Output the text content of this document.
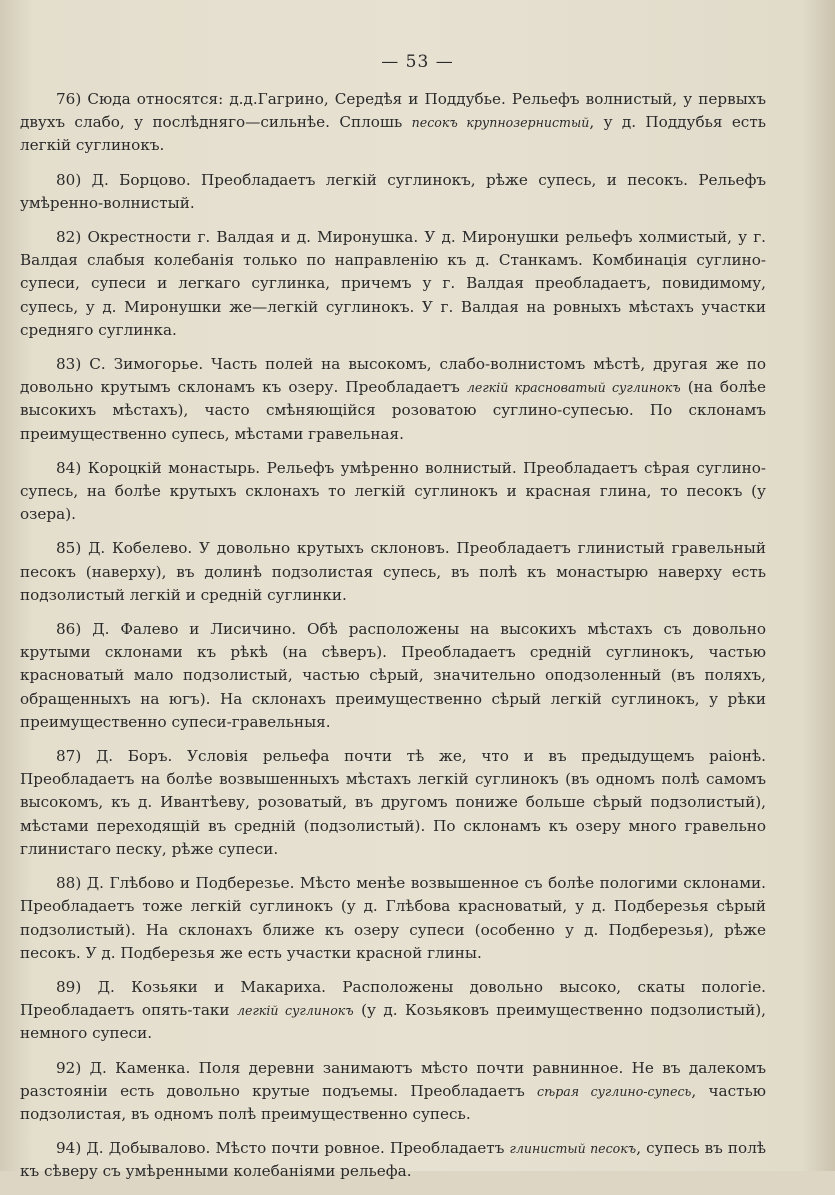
— 53 —

76) Сюда относятся: д.д.Гагрино, Середѣя и Поддубье. Рельефъ волнистый, у первыхъ двухъ слабо, у послѣдняго—сильнѣе. Сплошь песокъ крупнозернистый, у д. Поддубья есть легкій суглинокъ.

80) Д. Борцово. Преобладаетъ легкій суглинокъ, рѣже супесь, и песокъ. Рельефъ умѣренно-волнистый.

82) Окрестности г. Валдая и д. Миронушка. У д. Миронушки рельефъ холмистый, у г. Валдая слабыя колебанія только по направленію къ д. Станкамъ. Комбинація суглино-супеси, супеси и легкаго суглинка, причемъ у г. Валдая преобладаетъ, повидимому, супесь, у д. Миронушки же—легкій суглинокъ. У г. Валдая на ровныхъ мѣстахъ участки средняго суглинка.

83) С. Зимогорье. Часть полей на высокомъ, слабо-волнистомъ мѣстѣ, другая же по довольно крутымъ склонамъ къ озеру. Преобладаетъ легкій красноватый суглинокъ (на болѣе высокихъ мѣстахъ), часто смѣняющійся розоватою суглино-супесью. По склонамъ преимущественно супесь, мѣстами гравельная.

84) Короцкій монастырь. Рельефъ умѣренно волнистый. Преобладаетъ сѣрая суглино-супесь, на болѣе крутыхъ склонахъ то легкій суглинокъ и красная глина, то песокъ (у озера).

85) Д. Кобелево. У довольно крутыхъ склоновъ. Преобладаетъ глинистый гравельный песокъ (наверху), въ долинѣ подзолистая супесь, въ полѣ къ монастырю наверху есть подзолистый легкій и средній суглинки.

86) Д. Фалево и Лисичино. Обѣ расположены на высокихъ мѣстахъ съ довольно крутыми склонами къ рѣкѣ (на сѣверъ). Преобладаетъ средній суглинокъ, частью красноватый мало подзолистый, частью сѣрый, значительно оподзоленный (въ поляхъ, обращенныхъ на югъ). На склонахъ преимущественно сѣрый легкій суглинокъ, у рѣки преимущественно супеси-гравельныя.

87) Д. Боръ. Условія рельефа почти тѣ же, что и въ предыдущемъ раіонѣ. Преобладаетъ на болѣе возвышенныхъ мѣстахъ легкій суглинокъ (въ одномъ полѣ самомъ высокомъ, къ д. Ивантѣеву, розоватый, въ другомъ пониже больше сѣрый подзолистый), мѣстами переходящій въ средній (подзолистый). По склонамъ къ озеру много гравельно глинистаго песку, рѣже супеси.

88) Д. Глѣбово и Подберезье. Мѣсто менѣе возвышенное съ болѣе пологими склонами. Преобладаетъ тоже легкій суглинокъ (у д. Глѣбова красноватый, у д. Подберезья сѣрый подзолистый). На склонахъ ближе къ озеру супеси (особенно у д. Подберезья), рѣже песокъ. У д. Подберезья же есть участки красной глины.

89) Д. Козьяки и Макариха. Расположены довольно высоко, скаты пологіе. Преобладаетъ опять-таки легкій суглинокъ (у д. Козьяковъ преимущественно подзолистый), немного супеси.

92) Д. Каменка. Поля деревни занимаютъ мѣсто почти равнинное. Не въ далекомъ разстояніи есть довольно крутые подъемы. Преобладаетъ сѣрая суглино-супесь, частью подзолистая, въ одномъ полѣ преимущественно супесь.

94) Д. Добывалово. Мѣсто почти ровное. Преобладаетъ глинистый песокъ, супесь въ полѣ къ сѣверу съ умѣренными колебаніями рельефа.
